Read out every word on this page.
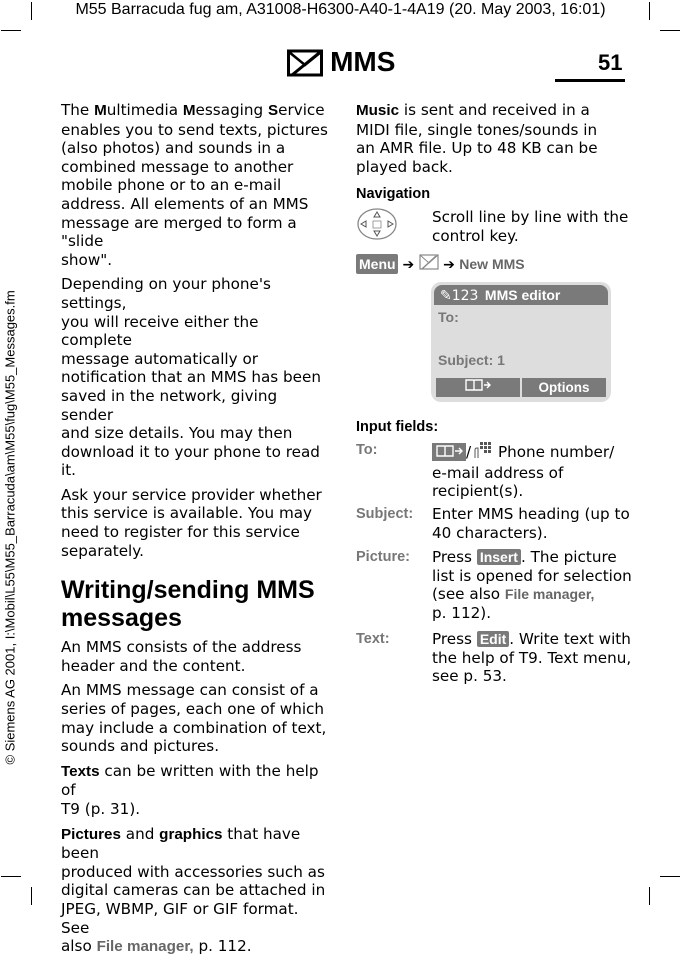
M55 Barracuda fug am, A31008-H6300-A40-1-4A19 (20. May 2003, 16:01)
© Siemens AG 2001, I:\Mobil\L55\M55_Barracuda\am\M55\fug\M55_Messages.fm
MMS	51

The Multimedia Messaging Service
enables you to send texts, pictures
(also photos) and sounds in a
combined message to another
mobile phone or to an e-mail
address. All elements of an MMS
message are merged to form a "slide
show".

Depending on your phone's settings,
you will receive either the complete
message automatically or
notification that an MMS has been
saved in the network, giving sender
and size details. You may then
download it to your phone to read it.

Ask your service provider whether
this service is available. You may
need to register for this service
separately.

Writing/sending MMS
messages

An MMS consists of the address
header and the content.

An MMS message can consist of a
series of pages, each one of which
may include a combination of text,
sounds and pictures.

Texts can be written with the help of
T9 (p. 31).

Pictures and graphics that have been
produced with accessories such as
digital cameras can be attached in
JPEG, WBMP, GIF or GIF format. See
also File manager, p. 112.

Music is sent and received in a
MIDI file, single tones/sounds in
an AMR file. Up to 48 KB can be
played back.

Navigation

Scroll line by line with the
control key.

Menu ➔ ➔ New MMS
✎123 MMS editor
To:
Subject: 1
Options
Input fields:
To:	/ Phone number/
e-mail address of
recipient(s).

Subject: Enter MMS heading (up to
40 characters).

Picture: Press Insert . The picture
list is opened for selection
(see also File manager,
p. 112).

Text:	Press Edit . Write text with
the help of T9. Text menu,
see p. 53.
